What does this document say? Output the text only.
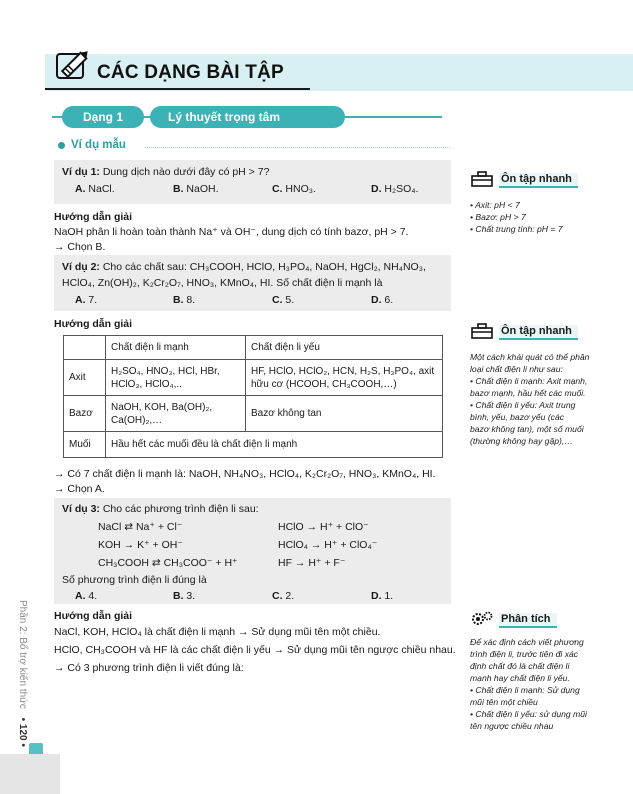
CÁC DẠNG BÀI TẬP
Dạng 1	Lý thuyết trọng tâm
Ví dụ mẫu
Ví dụ 1: Dung dịch nào dưới đây có pH > 7?
A. NaCl.	B. NaOH.	C. HNO₃.	D. H₂SO₄.
Hướng dẫn giải
NaOH phân li hoàn toàn thành Na⁺ và OH⁻, dung dịch có tính bazơ, pH > 7.
→ Chọn B.
Ví dụ 2: Cho các chất sau: CH₃COOH, HClO, H₃PO₄, NaOH, HgCl₂, NH₄NO₃,
HClO₄, Zn(OH)₂, K₂Cr₂O₇, HNO₃, KMnO₄, HI. Số chất điện li mạnh là
A. 7.	B. 8.	C. 5.	D. 6.
Hướng dẫn giải
	Chất điện li mạnh	Chất điện li yếu
Axit	H₂SO₄, HNO₃, HCl, HBr, HClO₃, HClO₄,..	HF, HClO, HClO₂, HCN, H₂S, H₃PO₄, axit hữu cơ (HCOOH, CH₃COOH,…)
Bazơ	NaOH, KOH, Ba(OH)₂, Ca(OH)₂,…	Bazơ không tan
Muối	Hầu hết các muối đều là chất điện li mạnh	
→ Có 7 chất điện li mạnh là: NaOH, NH₄NO₃, HClO₄, K₂Cr₂O₇, HNO₃, KMnO₄, HI.
→ Chọn A.
Ví dụ 3: Cho các phương trình điện li sau:
NaCl ⇄ Na⁺ + Cl⁻	HClO → H⁺ + ClO⁻
KOH → K⁺ + OH⁻	HClO₄ → H⁺ + ClO₄⁻
CH₃COOH ⇄ CH₃COO⁻ + H⁺	HF → H⁺ + F⁻
Số phương trình điện li đúng là
A. 4.	B. 3.	C. 2.	D. 1.
Hướng dẫn giải
NaCl, KOH, HClO₄ là chất điện li mạnh → Sử dụng mũi tên một chiều.
HClO, CH₃COOH và HF là các chất điện li yếu → Sử dụng mũi tên ngược chiều nhau.
→ Có 3 phương trình điện li viết đúng là:
Ôn tập nhanh
• Axit: pH < 7
• Bazơ: pH > 7
• Chất trung tính: pH = 7
Ôn tập nhanh
Một cách khái quát có thể phân
loại chất điện li như sau:
• Chất điện li mạnh: Axit mạnh,
bazơ mạnh, hầu hết các muối.
• Chất điện li yếu: Axit trung
bình, yếu, bazơ yếu (các
bazơ không tan), một số muối
(thường không hay gặp),…
Phân tích
Để xác định cách viết phương
trình điện li, trước tiên đi xác
định chất đó là chất điện li
mạnh hay chất điện li yếu.
• Chất điện li mạnh: Sử dụng
mũi tên một chiều
• Chất điện li yếu: sử dụng mũi
tên ngược chiều nhau
Phần 2: Bổ trợ kiến thức • 120 •
